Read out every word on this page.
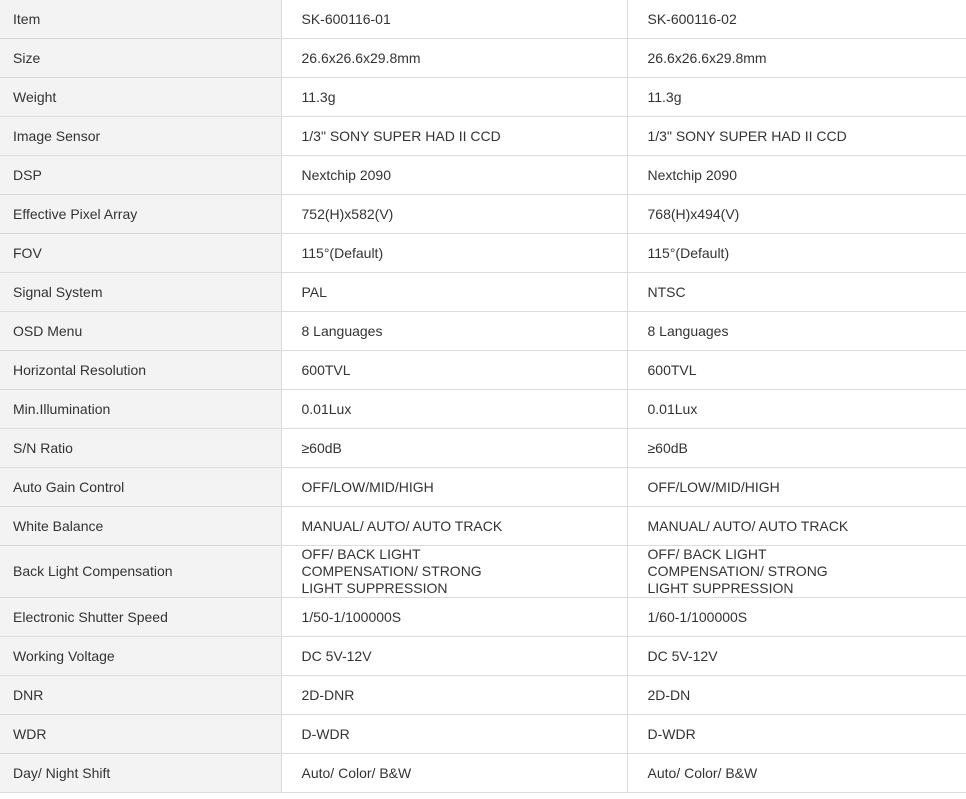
Item	SK-600116-01	SK-600116-02
Size	26.6x26.6x29.8mm	26.6x26.6x29.8mm
Weight	11.3g	11.3g
Image Sensor	1/3" SONY SUPER HAD II CCD	1/3" SONY SUPER HAD II CCD
DSP	Nextchip 2090	Nextchip 2090
Effective Pixel Array	752(H)x582(V)	768(H)x494(V)
FOV	115°(Default)	115°(Default)
Signal System	PAL	NTSC
OSD Menu	8 Languages	8 Languages
Horizontal Resolution	600TVL	600TVL
Min.Illumination	0.01Lux	0.01Lux
S/N Ratio	≥60dB	≥60dB
Auto Gain Control	OFF/LOW/MID/HIGH	OFF/LOW/MID/HIGH
White Balance	MANUAL/ AUTO/ AUTO TRACK	MANUAL/ AUTO/ AUTO TRACK
Back Light Compensation	OFF/ BACK LIGHT COMPENSATION/ STRONG LIGHT SUPPRESSION	OFF/ BACK LIGHT COMPENSATION/ STRONG LIGHT SUPPRESSION

Electronic Shutter Speed	1/50-1/100000S	1/60-1/100000S
Working Voltage	DC 5V-12V	DC 5V-12V
DNR	2D-DNR	2D-DN
WDR	D-WDR	D-WDR
Day/ Night Shift	Auto/ Color/ B&W	Auto/ Color/ B&W
